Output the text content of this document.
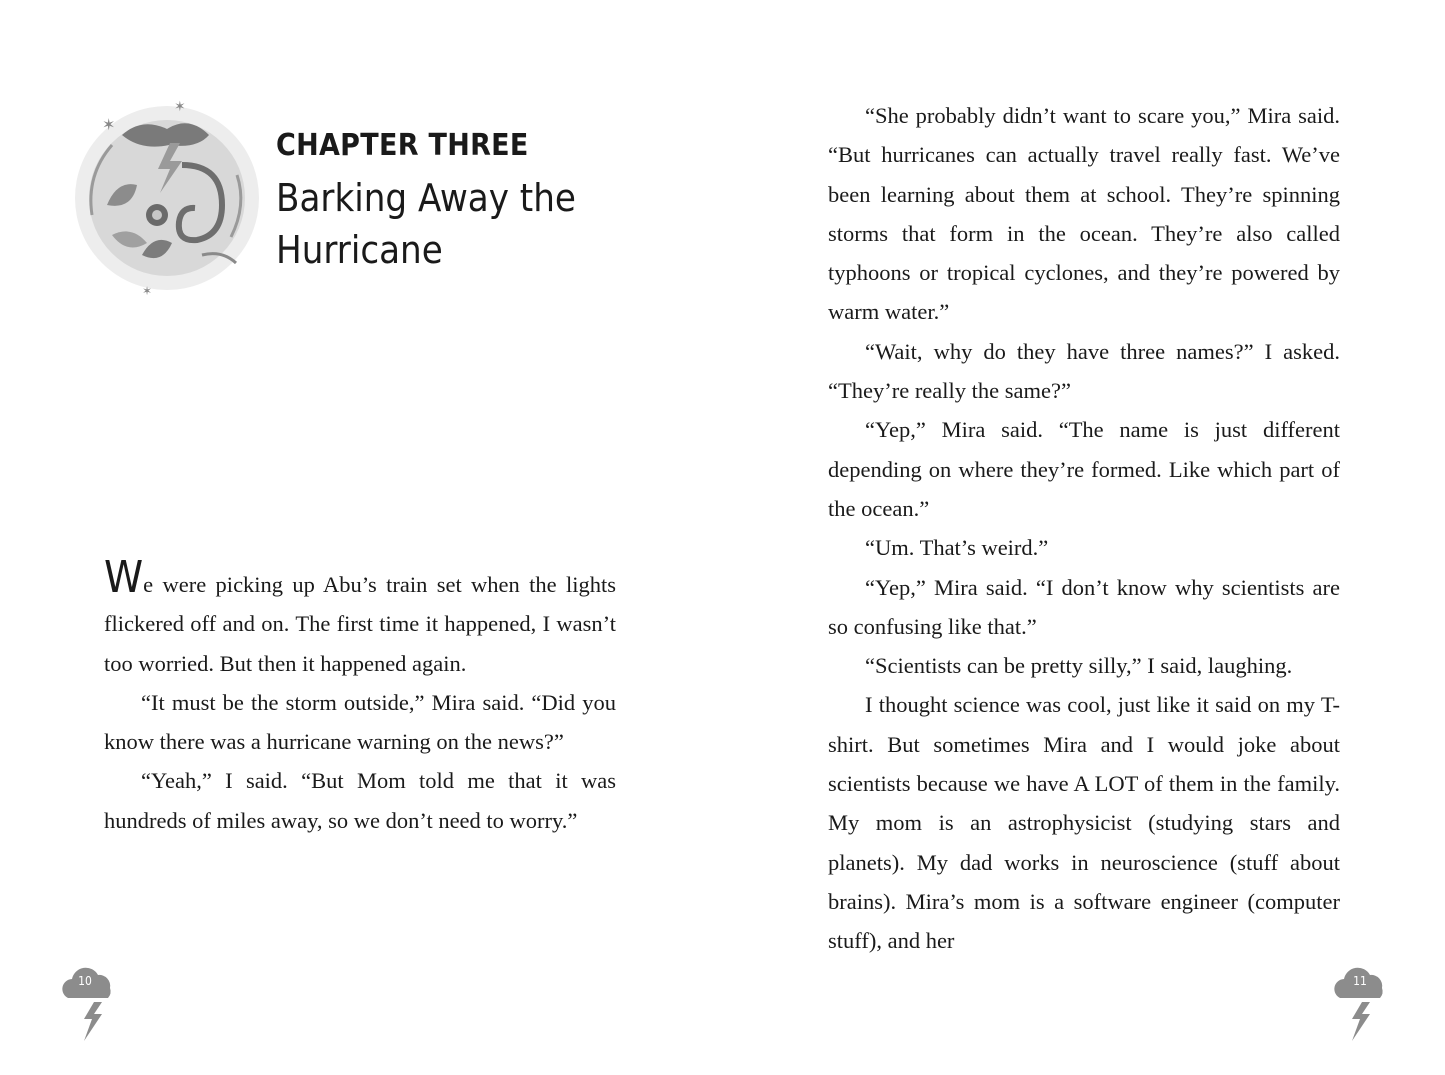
✶
✶
✶
CHAPTER THREE
Barking Away the Hurricane

We were picking up Abu’s train set when the lights flickered off and on. The first time it happened, I wasn’t too worried. But then it happened again.

“It must be the storm outside,” Mira said. “Did you know there was a hurricane warning on the news?”

“Yeah,” I said. “But Mom told me that it was hundreds of miles away, so we don’t need to worry.”

10

“She probably didn’t want to scare you,” Mira said. “But hurricanes can actually travel really fast. We’ve been learning about them at school. They’re spinning storms that form in the ocean. They’re also called typhoons or tropical cyclones, and they’re powered by warm water.”

“Wait, why do they have three names?” I asked. “They’re really the same?”

“Yep,” Mira said. “The name is just different depending on where they’re formed. Like which part of the ocean.”

“Um. That’s weird.”

“Yep,” Mira said. “I don’t know why scientists are so confusing like that.”

“Scientists can be pretty silly,” I said, laughing.

I thought science was cool, just like it said on my T-shirt. But sometimes Mira and I would joke about scientists because we have A LOT of them in the family. My mom is an astrophysicist (studying stars and planets). My dad works in neuroscience (stuff about brains). Mira’s mom is a software engineer (computer stuff), and her

11
